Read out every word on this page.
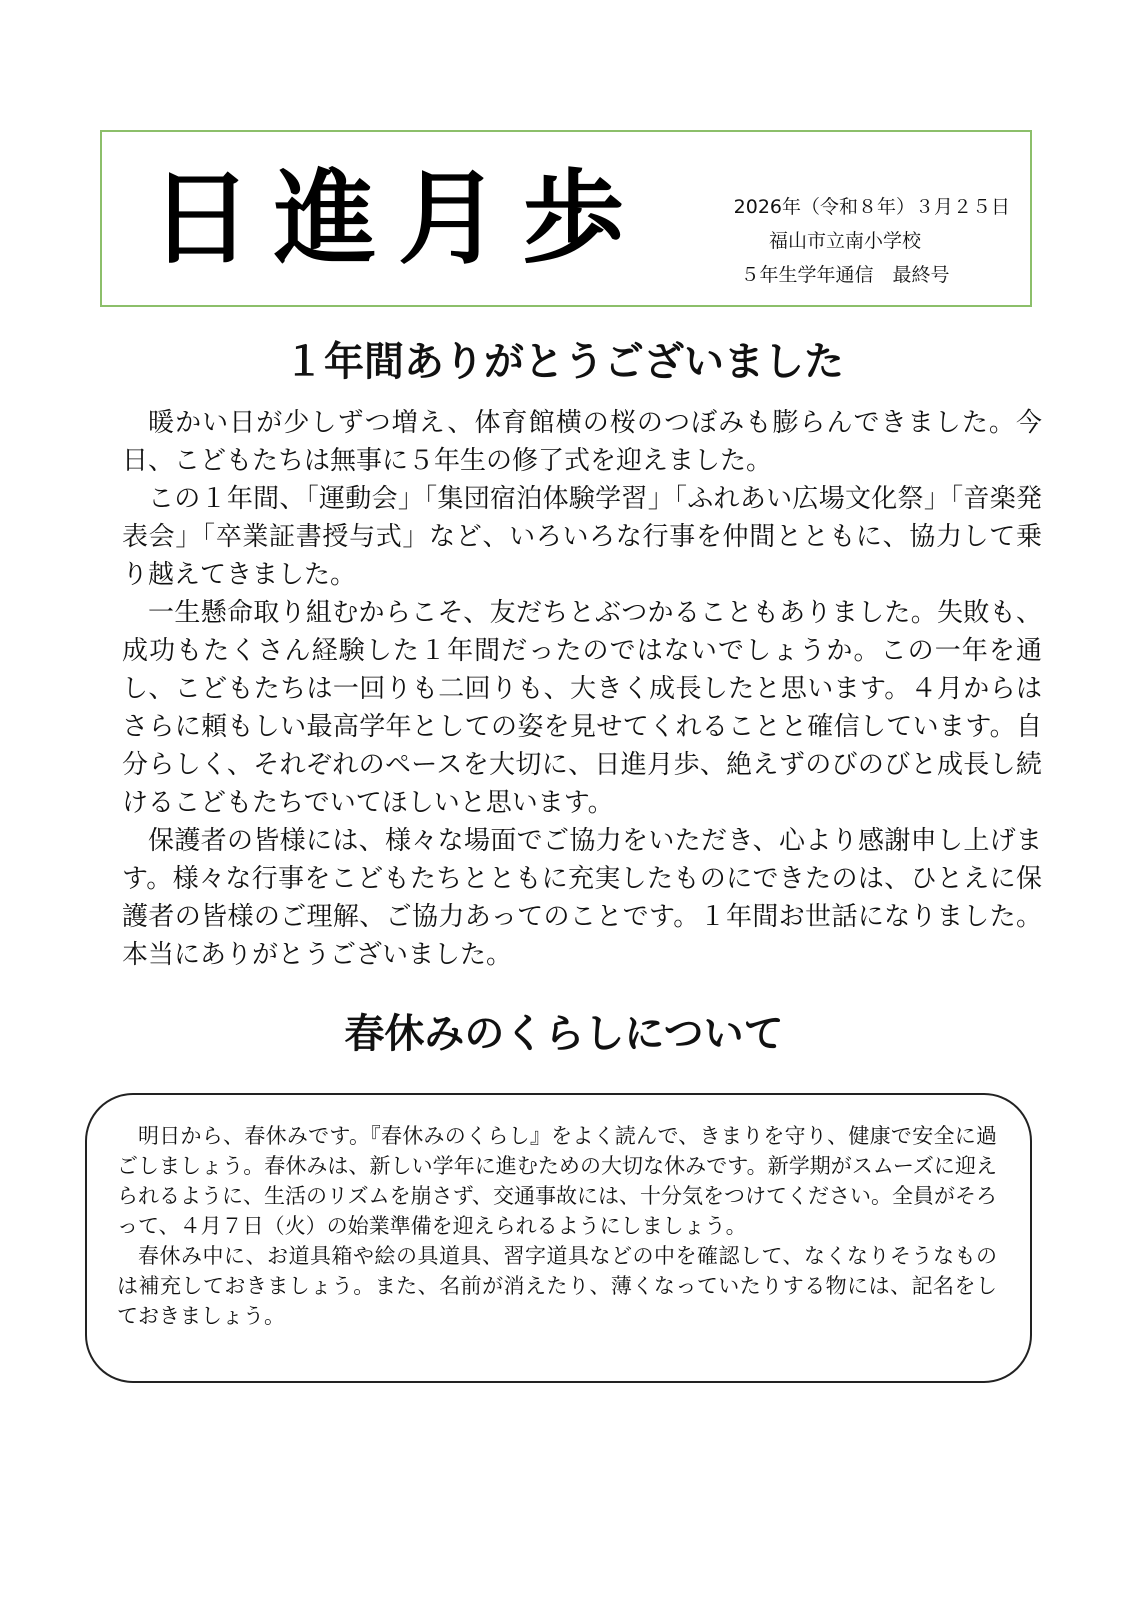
日進月歩	2026年（令和８年）３月２５日
福山市立南小学校
５年生学年通信　最終号
１年間ありがとうございました

暖かい日が少しずつ増え、体育館横の桜のつぼみも膨らんできました。今日、こどもたちは無事に５年生の修了式を迎えました。

この１年間、「運動会」「集団宿泊体験学習」「ふれあい広場文化祭」「音楽発表会」「卒業証書授与式」など、いろいろな行事を仲間とともに、協力して乗り越えてきました。

一生懸命取り組むからこそ、友だちとぶつかることもありました。失敗も、成功もたくさん経験した１年間だったのではないでしょうか。この一年を通し、こどもたちは一回りも二回りも、大きく成長したと思います。４月からはさらに頼もしい最高学年としての姿を見せてくれることと確信しています。自分らしく、それぞれのペースを大切に、日進月歩、絶えずのびのびと成長し続けるこどもたちでいてほしいと思います。

保護者の皆様には、様々な場面でご協力をいただき、心より感謝申し上げます。様々な行事をこどもたちとともに充実したものにできたのは、ひとえに保護者の皆様のご理解、ご協力あってのことです。１年間お世話になりました。本当にありがとうございました。

春休みのくらしについて

明日から、春休みです。『春休みのくらし』をよく読んで、きまりを守り、健康で安全に過ごしましょう。春休みは、新しい学年に進むための大切な休みです。新学期がスムーズに迎えられるように、生活のリズムを崩さず、交通事故には、十分気をつけてください。全員がそろって、４月７日（火）の始業準備を迎えられるようにしましょう。

春休み中に、お道具箱や絵の具道具、習字道具などの中を確認して、なくなりそうなものは補充しておきましょう。また、名前が消えたり、薄くなっていたりする物には、記名をしておきましょう。
